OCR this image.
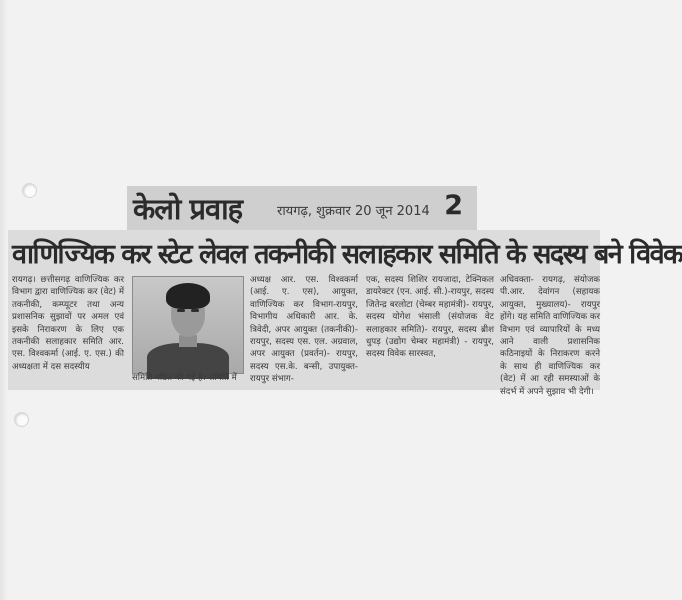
केलो प्रवाह	रायगढ़, शुक्रवार 20 जून 2014 2
वाणिज्यिक कर स्टेट लेवल तकनीकी सलाहकार समिति के सदस्य बने विवेक
रायगढ़। छत्तीसगढ़ वाणिज्यिक कर विभाग द्वारा वाणिज्यिक कर (वेट) में तकनीकी, कम्प्यूटर तथा अन्य प्रशासनिक सुझावों पर अमल एवं इसके निराकरण के लिए एक तकनीकी सलाहकार समिति आर. एस. विश्वकर्मा (आई. ए. एस.) की अध्यक्षता में दस सदस्यीय
समिति गठित की गई है। समिति में
अध्यक्ष आर. एस. विश्वकर्मा (आई. ए. एस), आयुक्त, वाणिज्यिक कर विभाग-रायपुर, विभागीय अधिकारी आर. के. त्रिवेदी, अपर आयुक्त (तकनीकी)- रायपुर, सदस्य एस. एल. अग्रवाल, अपर आयुक्त (प्रवर्तन)- रायपुर, सदस्य एस.के. बन्सी, उपायुक्त-रायपुर संभाग-
एक, सदस्य शिशिर रायजादा, टेक्निकल डायरेक्टर (एन. आई. सी.)-रायपुर, सदस्य जितेन्द्र बरलोटा (चेम्बर महामंत्री)- रायपुर, सदस्य योगेश भंसाली (संयोजक वेट सलाहकार समिति)- रायपुर, सदस्य ब्रीश धुपड़ (उद्योग चेम्बर महामंत्री) - रायपुर, सदस्य विवेक सारस्वत,
अधिवक्ता- रायगढ़, संयोजक पी.आर. देवांगन (सहायक आयुक्त, मुख्यालय)- रायपुर होंगे। यह समिति वाणिज्यिक कर विभाग एवं व्यापारियों के मध्य आने वाली प्रशासनिक कठिनाइयों के निराकरण करने के साथ ही वाणिज्यिक कर (वेट) में आ रही समस्याओं के संदर्भ में अपने सुझाव भी देगी।
